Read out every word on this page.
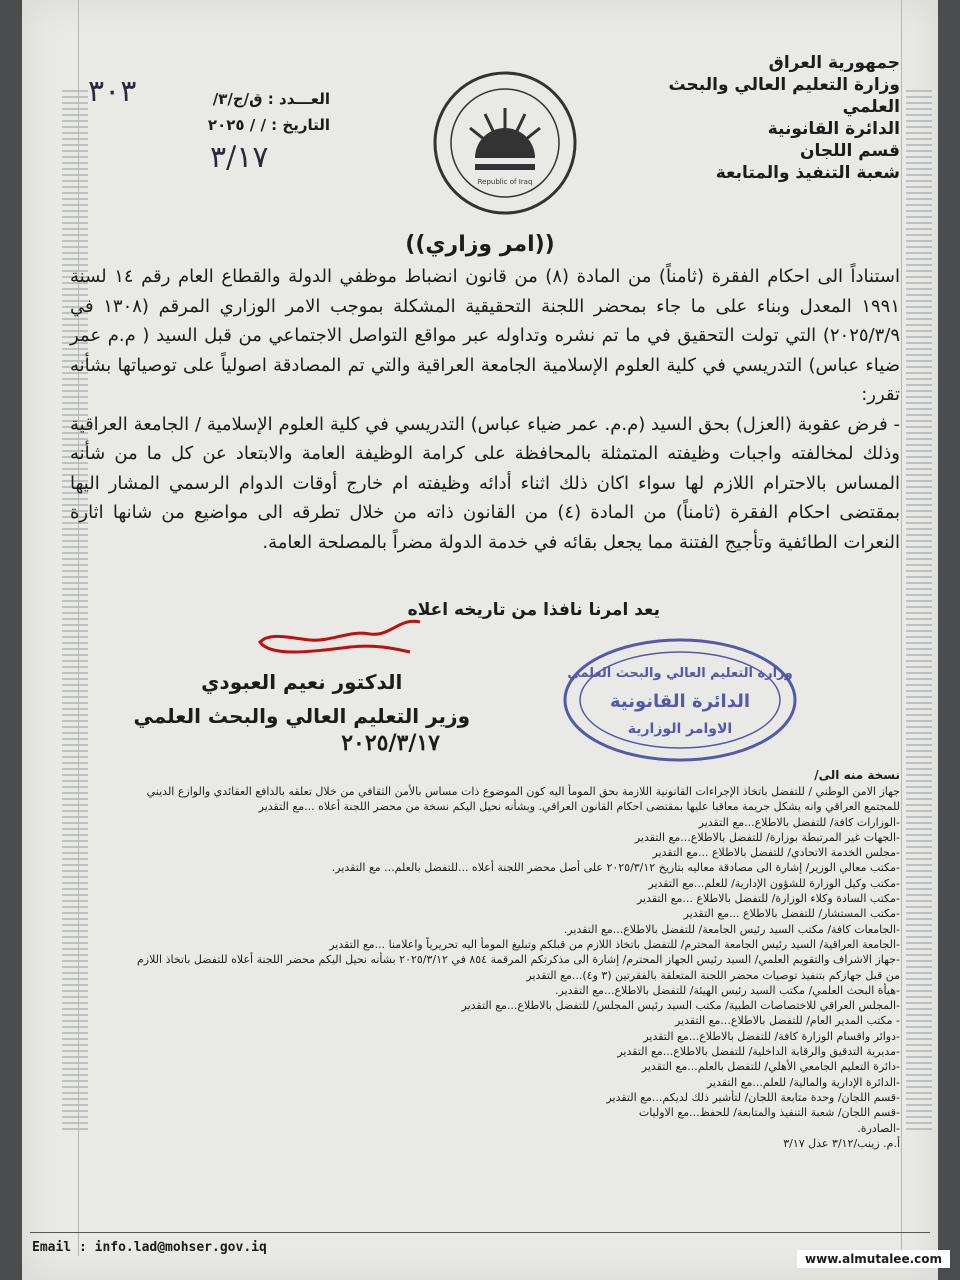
جمهورية العراق
وزارة التعليم العالي والبحث العلمي
الدائرة القانونية
قسم اللجان
شعبة التنفيذ والمتابعة
العـــدد : ق/ج/٣/
التاريخ : / / ٢٠٢٥
٣٠٣
٣/١٧
Republic of Iraq
((امر وزاري))

استناداً الى احكام الفقرة (ثامناً) من المادة (٨) من قانون انضباط موظفي الدولة والقطاع العام رقم ١٤ لسنة ١٩٩١ المعدل وبناء على ما جاء بمحضر اللجنة التحقيقية المشكلة بموجب الامر الوزاري المرقم (١٣٠٨ في ٢٠٢٥/٣/٩) التي تولت التحقيق في ما تم نشره وتداوله عبر مواقع التواصل الاجتماعي من قبل السيد ( م.م عمر ضياء عباس) التدريسي في كلية العلوم الإسلامية الجامعة العراقية والتي تم المصادقة اصولياً على توصياتها بشأنه تقرر:

- فرض عقوبة (العزل) بحق السيد (م.م. عمر ضياء عباس) التدريسي في كلية العلوم الإسلامية / الجامعة العراقية وذلك لمخالفته واجبات وظيفته المتمثلة بالمحافظة على كرامة الوظيفة العامة والابتعاد عن كل ما من شأنه المساس بالاحترام اللازم لها سواء اكان ذلك اثناء أدائه وظيفته ام خارج أوقات الدوام الرسمي المشار اليها بمقتضى احكام الفقرة (ثامناً) من المادة (٤) من القانون ذاته من خلال تطرقه الى مواضيع من شانها اثارة النعرات الطائفية وتأجيج الفتنة مما يجعل بقائه في خدمة الدولة مضراً بالمصلحة العامة.

يعد امرنا نافذا من تاريخه اعلاه
الدكتور نعيم العبودي
وزير التعليم العالي والبحث العلمي
٢٠٢٥/٣/١٧
وزارة التعليم العالي والبحث العلمي
الدائرة القانونية
الاوامر الوزارية
نسخة منه الى/
جهاز الامن الوطني / للتفضل باتخاذ الإجراءات القانونية اللازمة بحق المومأ اليه كون الموضوع ذات مساس بالأمن الثقافي من خلال تعلقه بالدافع العقائدي والوازع الديني
للمجتمع العراقي وانه يشكل جريمة معاقبا عليها بمقتضى احكام القانون العراقي. وبشأنه نحيل اليكم نسخة من محضر اللجنة أعلاه ...مع التقدير
-الوزارات كافة/ للتفضل بالاطلاع...مع التقدير
-الجهات غير المرتبطة بوزارة/ للتفضل بالاطلاع...مع التقدير
-مجلس الخدمة الاتحادي/ للتفضل بالاطلاع ...مع التقدير
-مكتب معالي الوزير/ إشارة الى مصادقة معاليه بتاريخ ٢٠٢٥/٣/١٢ على أصل محضر اللجنة أعلاه ...للتفضل بالعلم... مع التقدير.
-مكتب وكيل الوزارة للشؤون الإدارية/ للعلم...مع التقدير
-مكتب السادة وكلاء الوزارة/ للتفضل بالاطلاع ...مع التقدير
-مكتب المستشار/ للتفضل بالاطلاع ...مع التقدير
-الجامعات كافة/ مكتب السيد رئيس الجامعة/ للتفضل بالاطلاع...مع التقدير.
-الجامعة العراقية/ السيد رئيس الجامعة المحترم/ للتفضل باتخاذ اللازم من قبلكم وتبليغ المومأ اليه تحريرياً واعلامنا ...مع التقدير
-جهاز الاشراف والتقويم العلمي/ السيد رئيس الجهاز المحترم/ إشارة الى مذكرتكم المرقمة ٨٥٤ في ٢٠٢٥/٣/١٢ بشأنه نحيل اليكم محضر اللجنة أعلاه للتفضل باتخاذ اللازم
من قبل جهازكم بتنفيذ توصيات محضر اللجنة المتعلقة بالفقرتين (٣ و٤)...مع التقدير
-هيأة البحث العلمي/ مكتب السيد رئيس الهيئة/ للتفضل بالاطلاع...مع التقدير.
-المجلس العراقي للاختصاصات الطبية/ مكتب السيد رئيس المجلس/ للتفضل بالاطلاع...مع التقدير
- مكتب المدير العام/ للتفضل بالاطلاع...مع التقدير
-دوائر واقسام الوزارة كافة/ للتفضل بالاطلاع...مع التقدير
-مديرية التدقيق والرقابة الداخلية/ للتفضل بالاطلاع...مع التقدير
-دائرة التعليم الجامعي الأهلي/ للتفضل بالعلم...مع التقدير
-الدائرة الإدارية والمالية/ للعلم...مع التقدير
-قسم اللجان/ وحدة متابعة اللجان/ لتأشير ذلك لديكم...مع التقدير
-قسم اللجان/ شعبة التنفيذ والمتابعة/ للحفظ...مع الاوليات
-الصادرة.
أ.م. زينب/٣/١٢ عدل ٣/١٧
Email : info.lad@mohser.gov.iq
www.almutalee.com
